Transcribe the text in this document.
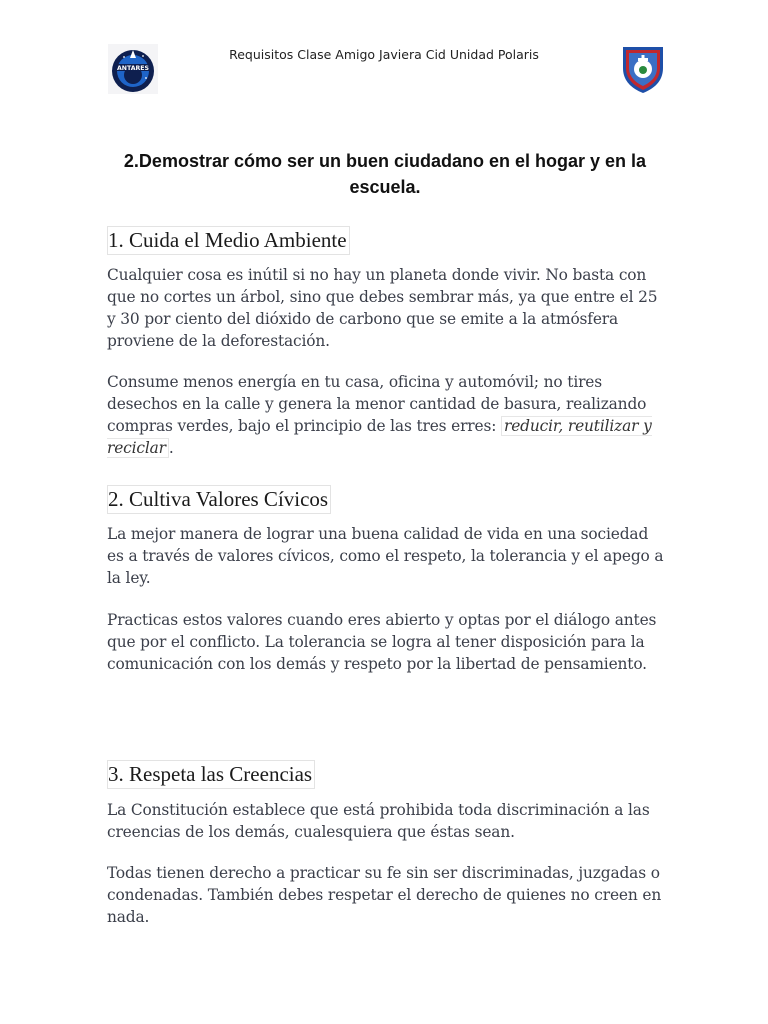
ANTARES
Requisitos Clase Amigo Javiera Cid Unidad Polaris
2.Demostrar cómo ser un buen ciudadano en el hogar y en la escuela.
1. Cuida el Medio Ambiente

Cualquier cosa es inútil si no hay un planeta donde vivir. No basta con que no cortes un árbol, sino que debes sembrar más, ya que entre el 25 y 30 por ciento del dióxido de carbono que se emite a la atmósfera proviene de la deforestación.

Consume menos energía en tu casa, oficina y automóvil; no tires desechos en la calle y genera la menor cantidad de basura, realizando compras verdes, bajo el principio de las tres erres: reducir, reutilizar y reciclar .

2. Cultiva Valores Cívicos

La mejor manera de lograr una buena calidad de vida en una sociedad es a través de valores cívicos, como el respeto, la tolerancia y el apego a la ley.

Practicas estos valores cuando eres abierto y optas por el diálogo antes que por el conflicto. La tolerancia se logra al tener disposición para la comunicación con los demás y respeto por la libertad de pensamiento.

3. Respeta las Creencias

La Constitución establece que está prohibida toda discriminación a las creencias de los demás, cualesquiera que éstas sean.

Todas tienen derecho a practicar su fe sin ser discriminadas, juzgadas o condenadas. También debes respetar el derecho de quienes no creen en nada.
